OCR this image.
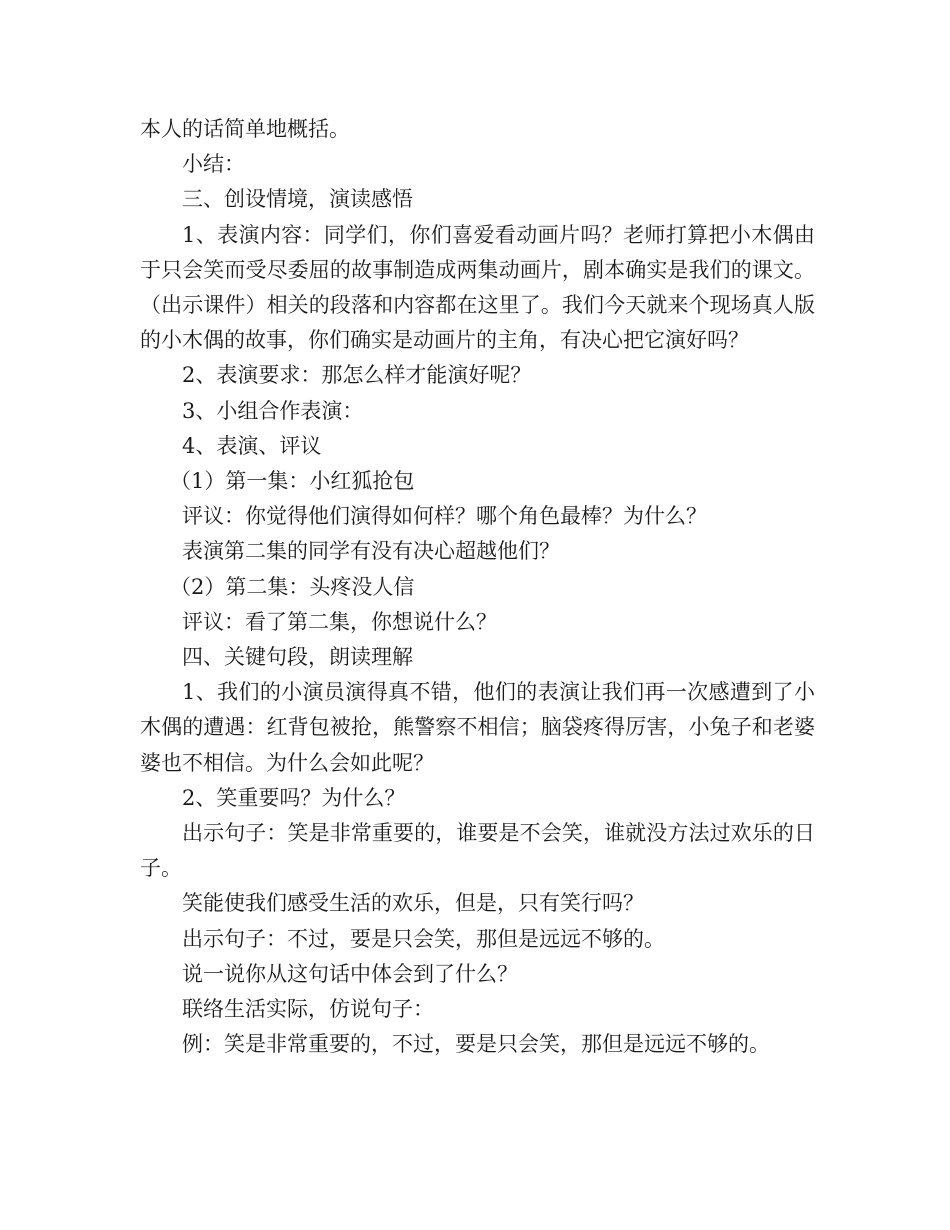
本人的话简单地概括。

小结：

三、创设情境，演读感悟

1、表演内容：同学们，你们喜爱看动画片吗？老师打算把小木偶由于只会笑而受尽委屈的故事制造成两集动画片，剧本确实是我们的课文。（出示课件）相关的段落和内容都在这里了。我们今天就来个现场真人版的小木偶的故事，你们确实是动画片的主角，有决心把它演好吗？

2、表演要求：那怎么样才能演好呢？

3、小组合作表演：

4、表演、评议

（1）第一集：小红狐抢包

评议：你觉得他们演得如何样？哪个角色最棒？为什么？

表演第二集的同学有没有决心超越他们？

（2）第二集：头疼没人信

评议：看了第二集，你想说什么？

四、关键句段，朗读理解

1、我们的小演员演得真不错，他们的表演让我们再一次感遭到了小木偶的遭遇：红背包被抢，熊警察不相信；脑袋疼得厉害，小兔子和老婆婆也不相信。为什么会如此呢？

2、笑重要吗？为什么？

出示句子：笑是非常重要的，谁要是不会笑，谁就没方法过欢乐的日子。

笑能使我们感受生活的欢乐，但是，只有笑行吗？

出示句子：不过，要是只会笑，那但是远远不够的。

说一说你从这句话中体会到了什么？

联络生活实际，仿说句子：

例：笑是非常重要的，不过，要是只会笑，那但是远远不够的。
